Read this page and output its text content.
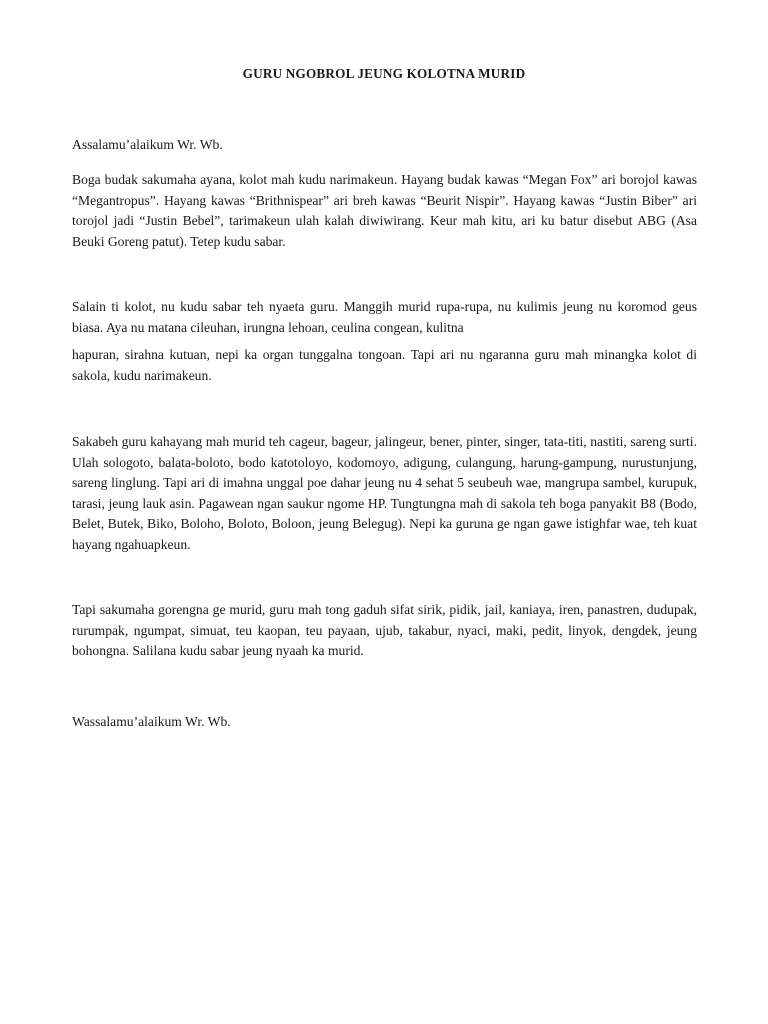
GURU NGOBROL JEUNG KOLOTNA MURID

Assalamu’alaikum Wr. Wb.

Boga budak sakumaha ayana, kolot mah kudu narimakeun. Hayang budak kawas “Megan Fox” ari borojol kawas “Megantropus”. Hayang kawas “Brithnispear” ari breh kawas “Beurit Nispir”. Hayang kawas “Justin Biber” ari torojol jadi “Justin Bebel”, tarimakeun ulah kalah diwiwirang. Keur mah kitu, ari ku batur disebut ABG (Asa Beuki Goreng patut). Tetep kudu sabar.

Salain ti kolot, nu kudu sabar teh nyaeta guru. Manggih murid rupa-rupa, nu kulimis jeung nu koromod geus biasa. Aya nu matana cileuhan, irungna lehoan, ceulina congean, kulitna

hapuran, sirahna kutuan, nepi ka organ tunggalna tongoan. Tapi ari nu ngaranna guru mah minangka kolot di sakola, kudu narimakeun.

Sakabeh guru kahayang mah murid teh cageur, bageur, jalingeur, bener, pinter, singer, tata-titi, nastiti, sareng surti. Ulah sologoto, balata-boloto, bodo katotoloyo, kodomoyo, adigung, culangung, harung-gampung, nurustunjung, sareng linglung. Tapi ari di imahna unggal poe dahar jeung nu 4 sehat 5 seubeuh wae, mangrupa sambel, kurupuk, tarasi, jeung lauk asin. Pagawean ngan saukur ngome HP. Tungtungna mah di sakola teh boga panyakit B8 (Bodo, Belet, Butek, Biko, Boloho, Boloto, Boloon, jeung Belegug). Nepi ka guruna ge ngan gawe istighfar wae, teh kuat hayang ngahuapkeun.

Tapi sakumaha gorengna ge murid, guru mah tong gaduh sifat sirik, pidik, jail, kaniaya, iren, panastren, dudupak, rurumpak, ngumpat, simuat, teu kaopan, teu payaan, ujub, takabur, nyaci, maki, pedit, linyok, dengdek, jeung bohongna. Salilana kudu sabar jeung nyaah ka murid.

Wassalamu’alaikum Wr. Wb.
